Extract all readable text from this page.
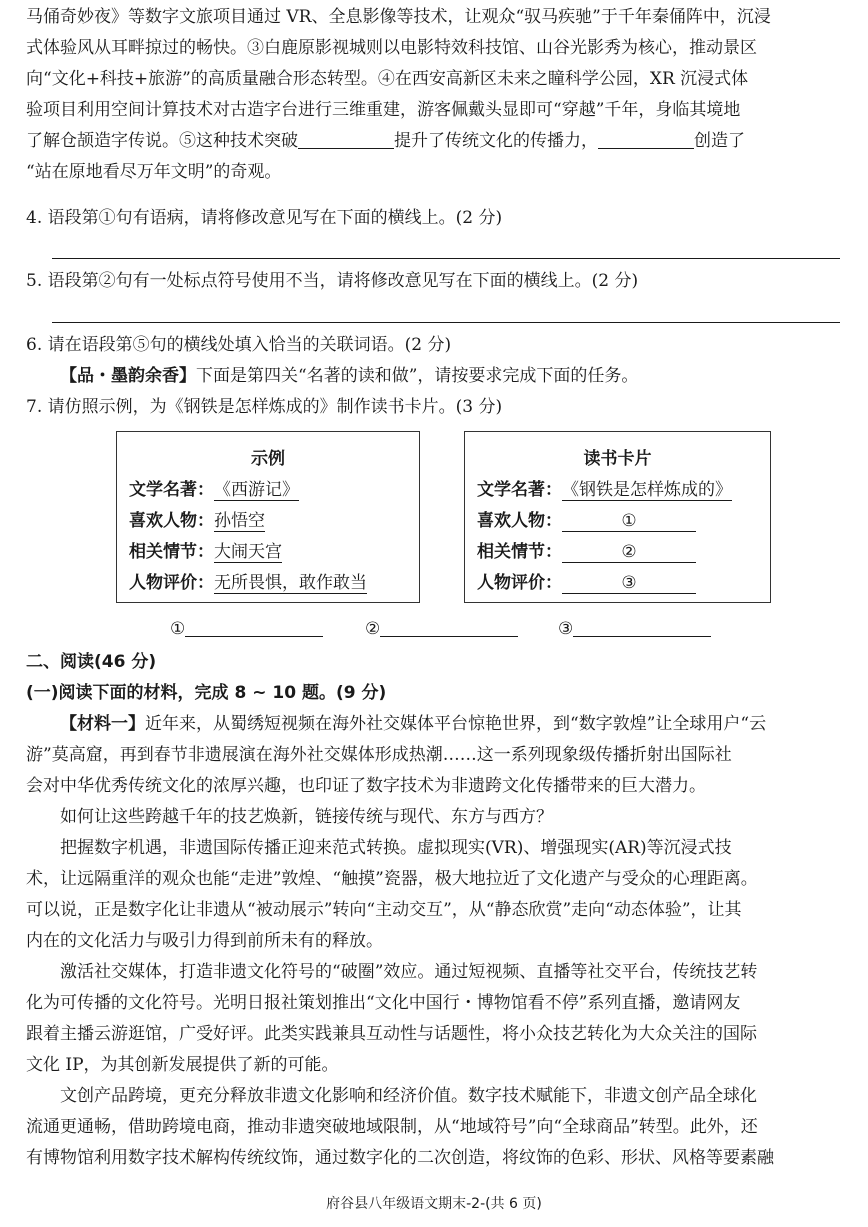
马俑奇妙夜》等数字文旅项目通过 VR、全息影像等技术，让观众“驭马疾驰”于千年秦俑阵中，沉浸
式体验风从耳畔掠过的畅快。③白鹿原影视城则以电影特效科技馆、山谷光影秀为核心，推动景区
向“文化+科技+旅游”的高质量融合形态转型。④在西安高新区未来之瞳科学公园，XR 沉浸式体
验项目利用空间计算技术对古造字台进行三维重建，游客佩戴头显即可“穿越”千年，身临其境地
了解仓颉造字传说。⑤这种技术突破	提升了传统文化的传播力，	创造了
“站在原地看尽万年文明”的奇观。
4. 语段第①句有语病，请将修改意见写在下面的横线上。(2 分)
5. 语段第②句有一处标点符号使用不当，请将修改意见写在下面的横线上。(2 分)
6. 请在语段第⑤句的横线处填入恰当的关联词语。(2 分)
【品・墨韵余香】下面是第四关“名著的读和做”，请按要求完成下面的任务。
7. 请仿照示例，为《钢铁是怎样炼成的》制作读书卡片。(3 分)
示例
文学名著：《西游记》
喜欢人物：孙悟空
相关情节：大闹天宫
人物评价：无所畏惧，敢作敢当
读书卡片
文学名著：《钢铁是怎样炼成的》
喜欢人物：	①
相关情节：	②
人物评价：	③
①	②	③
二、阅读(46 分)
(一)阅读下面的材料，完成 8 ~ 10 题。(9 分)
【材料一】近年来，从蜀绣短视频在海外社交媒体平台惊艳世界，到“数字敦煌”让全球用户“云
游”莫高窟，再到春节非遗展演在海外社交媒体形成热潮……这一系列现象级传播折射出国际社
会对中华优秀传统文化的浓厚兴趣，也印证了数字技术为非遗跨文化传播带来的巨大潜力。
如何让这些跨越千年的技艺焕新，链接传统与现代、东方与西方？
把握数字机遇，非遗国际传播正迎来范式转换。虚拟现实(VR)、增强现实(AR)等沉浸式技
术，让远隔重洋的观众也能“走进”敦煌、“触摸”瓷器，极大地拉近了文化遗产与受众的心理距离。
可以说，正是数字化让非遗从“被动展示”转向“主动交互”，从“静态欣赏”走向“动态体验”，让其
内在的文化活力与吸引力得到前所未有的释放。
激活社交媒体，打造非遗文化符号的“破圈”效应。通过短视频、直播等社交平台，传统技艺转
化为可传播的文化符号。光明日报社策划推出“文化中国行・博物馆看不停”系列直播，邀请网友
跟着主播云游逛馆，广受好评。此类实践兼具互动性与话题性，将小众技艺转化为大众关注的国际
文化 IP，为其创新发展提供了新的可能。
文创产品跨境，更充分释放非遗文化影响和经济价值。数字技术赋能下，非遗文创产品全球化
流通更通畅，借助跨境电商，推动非遗突破地域限制，从“地域符号”向“全球商品”转型。此外，还
有博物馆利用数字技术解构传统纹饰，通过数字化的二次创造，将纹饰的色彩、形状、风格等要素融
府谷县八年级语文期末-2-(共 6 页)
